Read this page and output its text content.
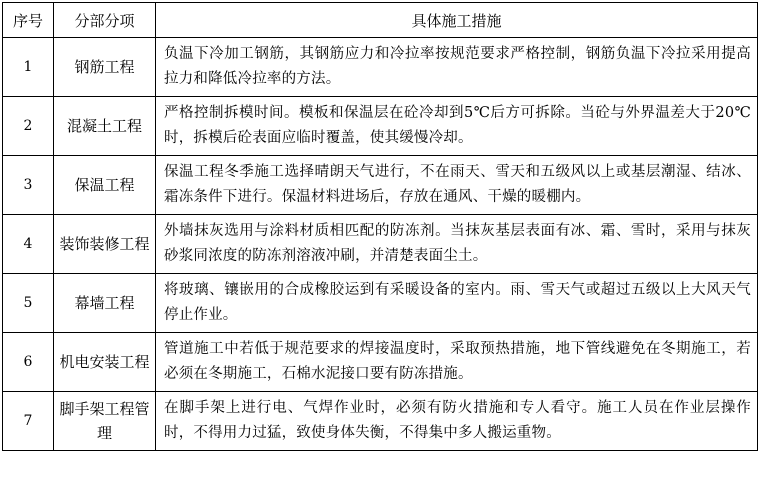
序号	分部分项	具体施工措施
1	钢筋工程	负温下冷加工钢筋，其钢筋应力和冷拉率按规范要求严格控制，钢筋负温下冷拉采用提高拉力和降低冷拉率的方法。
2	混凝土工程	严格控制拆模时间。模板和保温层在砼冷却到5℃后方可拆除。当砼与外界温差大于20℃时，拆模后砼表面应临时覆盖，使其缓慢冷却。
3	保温工程	保温工程冬季施工选择晴朗天气进行，不在雨天、雪天和五级风以上或基层潮湿、结冰、霜冻条件下进行。保温材料进场后，存放在通风、干燥的暖棚内。
4	装饰装修工程	外墙抹灰选用与涂料材质相匹配的防冻剂。当抹灰基层表面有冰、霜、雪时，采用与抹灰砂浆同浓度的防冻剂溶液冲刷，并清楚表面尘土。
5	幕墙工程	将玻璃、镶嵌用的合成橡胶运到有采暖设备的室内。雨、雪天气或超过五级以上大风天气停止作业。
6	机电安装工程	管道施工中若低于规范要求的焊接温度时，采取预热措施，地下管线避免在冬期施工，若必须在冬期施工，石棉水泥接口要有防冻措施。
7	脚手架工程管理	在脚手架上进行电、气焊作业时，必须有防火措施和专人看守。施工人员在作业层操作时，不得用力过猛，致使身体失衡，不得集中多人搬运重物。
